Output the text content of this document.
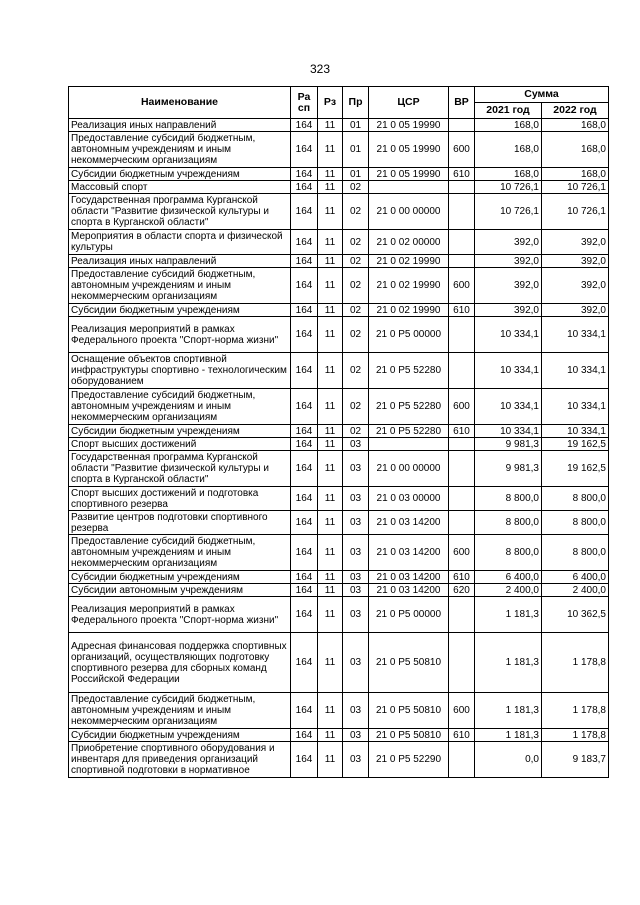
323
Наименование	Ра сп	Рз	Пр	ЦСР	ВР	Сумма	
						2021 год	2022 год
Реализация иных направлений	164	11	01	21 0 05 19990		168,0	168,0
Предоставление субсидий бюджетным, автономным учреждениям и иным некоммерческим организациям	164	11	01	21 0 05 19990	600	168,0	168,0
Субсидии бюджетным учреждениям	164	11	01	21 0 05 19990	610	168,0	168,0
Массовый спорт	164	11	02			10 726,1	10 726,1
Государственная программа Курганской области "Развитие физической культуры и спорта в Курганской области"	164	11	02	21 0 00 00000		10 726,1	10 726,1
Мероприятия в области спорта и физической культуры	164	11	02	21 0 02 00000		392,0	392,0
Реализация иных направлений	164	11	02	21 0 02 19990		392,0	392,0
Предоставление субсидий бюджетным, автономным учреждениям и иным некоммерческим организациям	164	11	02	21 0 02 19990	600	392,0	392,0
Субсидии бюджетным учреждениям	164	11	02	21 0 02 19990	610	392,0	392,0
Реализация мероприятий в рамках Федерального проекта "Спорт-норма жизни"	164	11	02	21 0 P5 00000		10 334,1	10 334,1
Оснащение объектов спортивной инфраструктуры спортивно - технологическим оборудованием	164	11	02	21 0 P5 52280		10 334,1	10 334,1
Предоставление субсидий бюджетным, автономным учреждениям и иным некоммерческим организациям	164	11	02	21 0 P5 52280	600	10 334,1	10 334,1
Субсидии бюджетным учреждениям	164	11	02	21 0 P5 52280	610	10 334,1	10 334,1
Спорт высших достижений	164	11	03			9 981,3	19 162,5
Государственная программа Курганской области "Развитие физической культуры и спорта в Курганской области"	164	11	03	21 0 00 00000		9 981,3	19 162,5
Спорт высших достижений и подготовка спортивного резерва	164	11	03	21 0 03 00000		8 800,0	8 800,0
Развитие центров подготовки спортивного резерва	164	11	03	21 0 03 14200		8 800,0	8 800,0
Предоставление субсидий бюджетным, автономным учреждениям и иным некоммерческим организациям	164	11	03	21 0 03 14200	600	8 800,0	8 800,0
Субсидии бюджетным учреждениям	164	11	03	21 0 03 14200	610	6 400,0	6 400,0
Субсидии автономным учреждениям	164	11	03	21 0 03 14200	620	2 400,0	2 400,0
Реализация мероприятий в рамках Федерального проекта "Спорт-норма жизни"	164	11	03	21 0 P5 00000		1 181,3	10 362,5
Адресная финансовая поддержка спортивных организаций, осуществляющих подготовку спортивного резерва для сборных команд Российской Федерации	164	11	03	21 0 P5 50810		1 181,3	1 178,8
Предоставление субсидий бюджетным, автономным учреждениям и иным некоммерческим организациям	164	11	03	21 0 P5 50810	600	1 181,3	1 178,8
Субсидии бюджетным учреждениям	164	11	03	21 0 P5 50810	610	1 181,3	1 178,8
Приобретение спортивного оборудования и инвентаря для приведения организаций спортивной подготовки в нормативное	164	11	03	21 0 P5 52290		0,0	9 183,7
